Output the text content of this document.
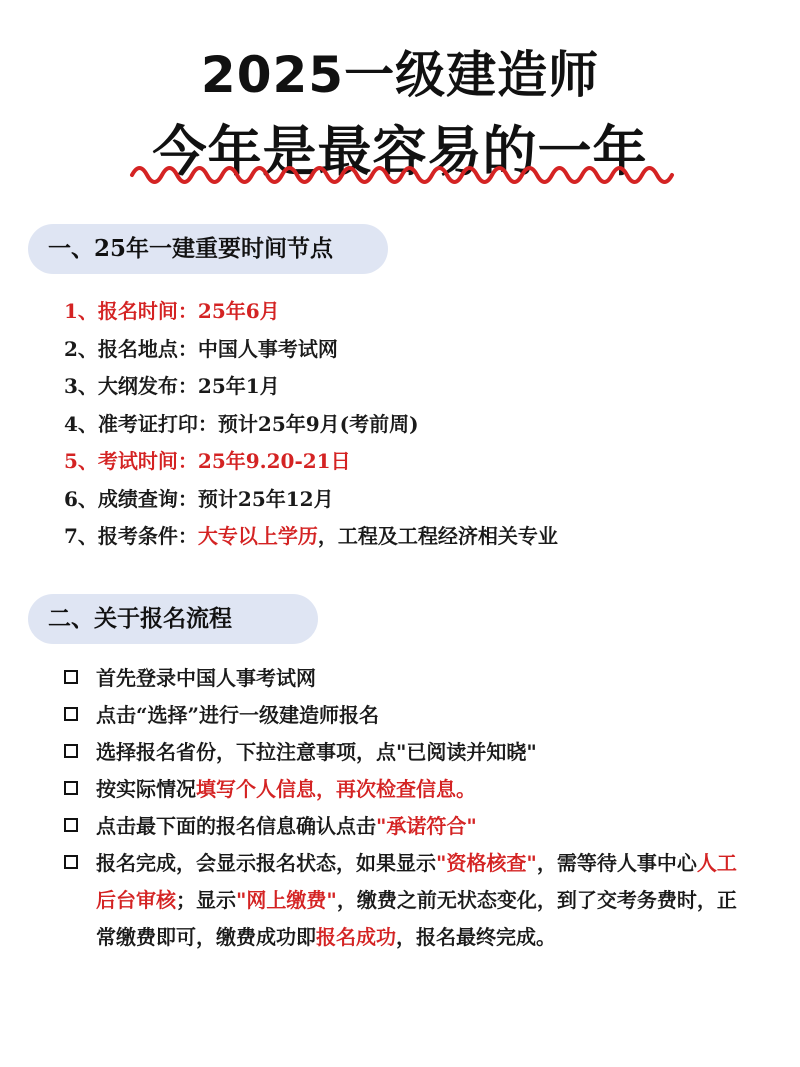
2025一级建造师
今年是最容易的一年
一、25年一建重要时间节点
1、报名时间：25年6月
2、报名地点：中国人事考试网
3、大纲发布：25年1月
4、准考证打印：预计25年9月(考前周)
5、考试时间：25年9.20-21日
6、成绩查询：预计25年12月
7、报考条件：大专以上学历，工程及工程经济相关专业
二、关于报名流程
首先登录中国人事考试网
点击“选择”进行一级建造师报名
选择报名省份，下拉注意事项，点"已阅读并知晓"
按实际情况填写个人信息，再次检查信息。
点击最下面的报名信息确认点击"承诺符合"
报名完成，会显示报名状态，如果显示"资格核查"，需等待人事中心人工后台审核；显示"网上缴费"，缴费之前无状态变化，到了交考务费时，正常缴费即可，缴费成功即报名成功，报名最终完成。
